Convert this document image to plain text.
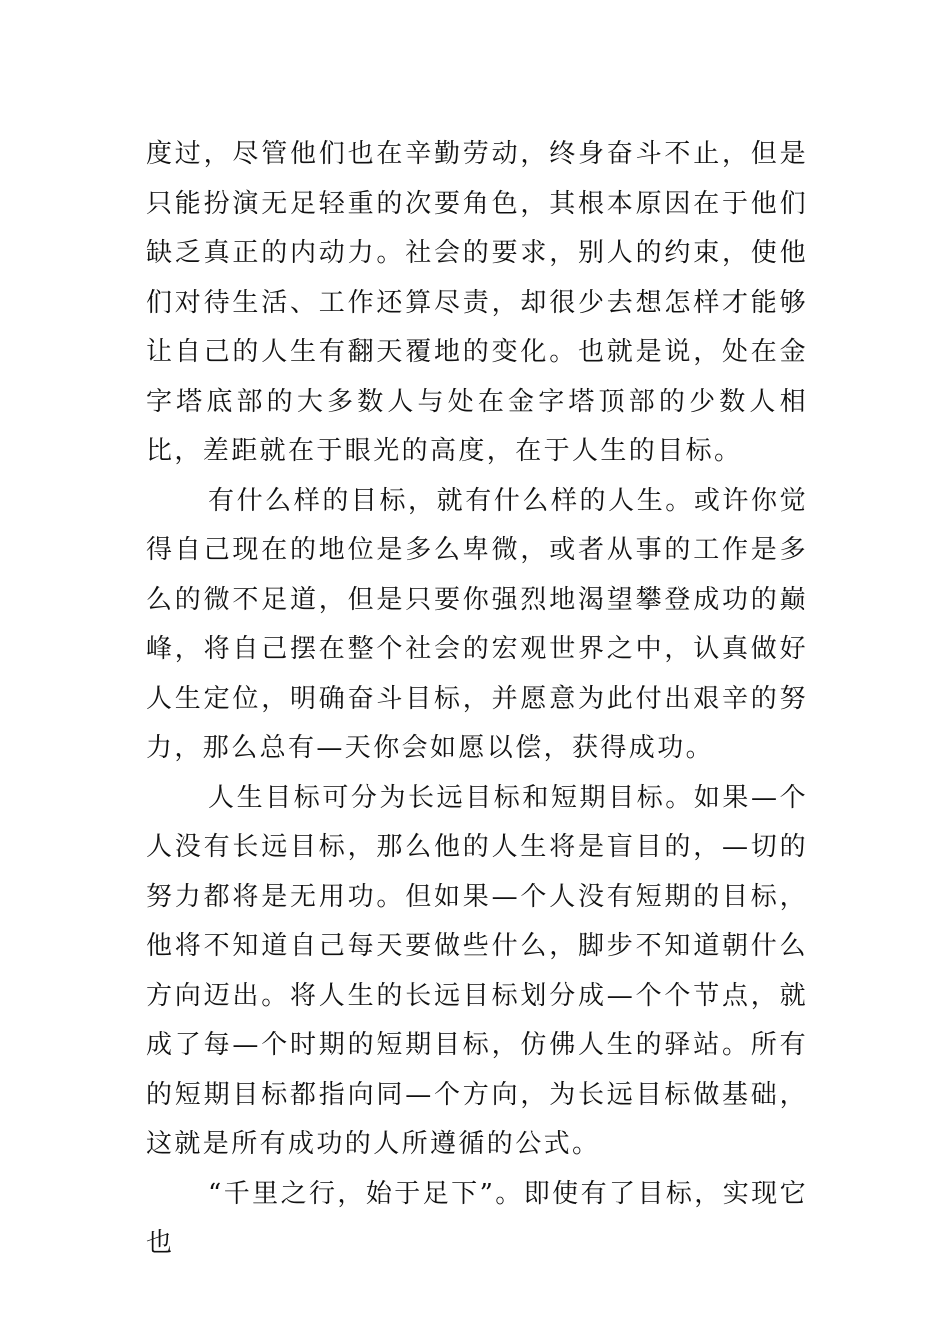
度过，尽管他们也在辛勤劳动，终身奋斗不止，但是只能扮演无足轻重的次要角色，其根本原因在于他们缺乏真正的内动力。社会的要求，别人的约束，使他们对待生活、工作还算尽责，却很少去想怎样才能够让自己的人生有翻天覆地的变化。也就是说，处在金字塔底部的大多数人与处在金字塔顶部的少数人相比，差距就在于眼光的高度，在于人生的目标。

有什么样的目标，就有什么样的人生。或许你觉得自己现在的地位是多么卑微，或者从事的工作是多么的微不足道，但是只要你强烈地渴望攀登成功的巅峰，将自己摆在整个社会的宏观世界之中，认真做好人生定位，明确奋斗目标，并愿意为此付出艰辛的努力，那么总有—天你会如愿以偿，获得成功。

人生目标可分为长远目标和短期目标。如果—个人没有长远目标，那么他的人生将是盲目的，—切的努力都将是无用功。但如果—个人没有短期的目标，他将不知道自己每天要做些什么，脚步不知道朝什么方向迈出。将人生的长远目标划分成—个个节点，就成了每—个时期的短期目标，仿佛人生的驿站。所有的短期目标都指向同—个方向，为长远目标做基础，这就是所有成功的人所遵循的公式。

“千里之行，始于足下”。即使有了目标，实现它也
